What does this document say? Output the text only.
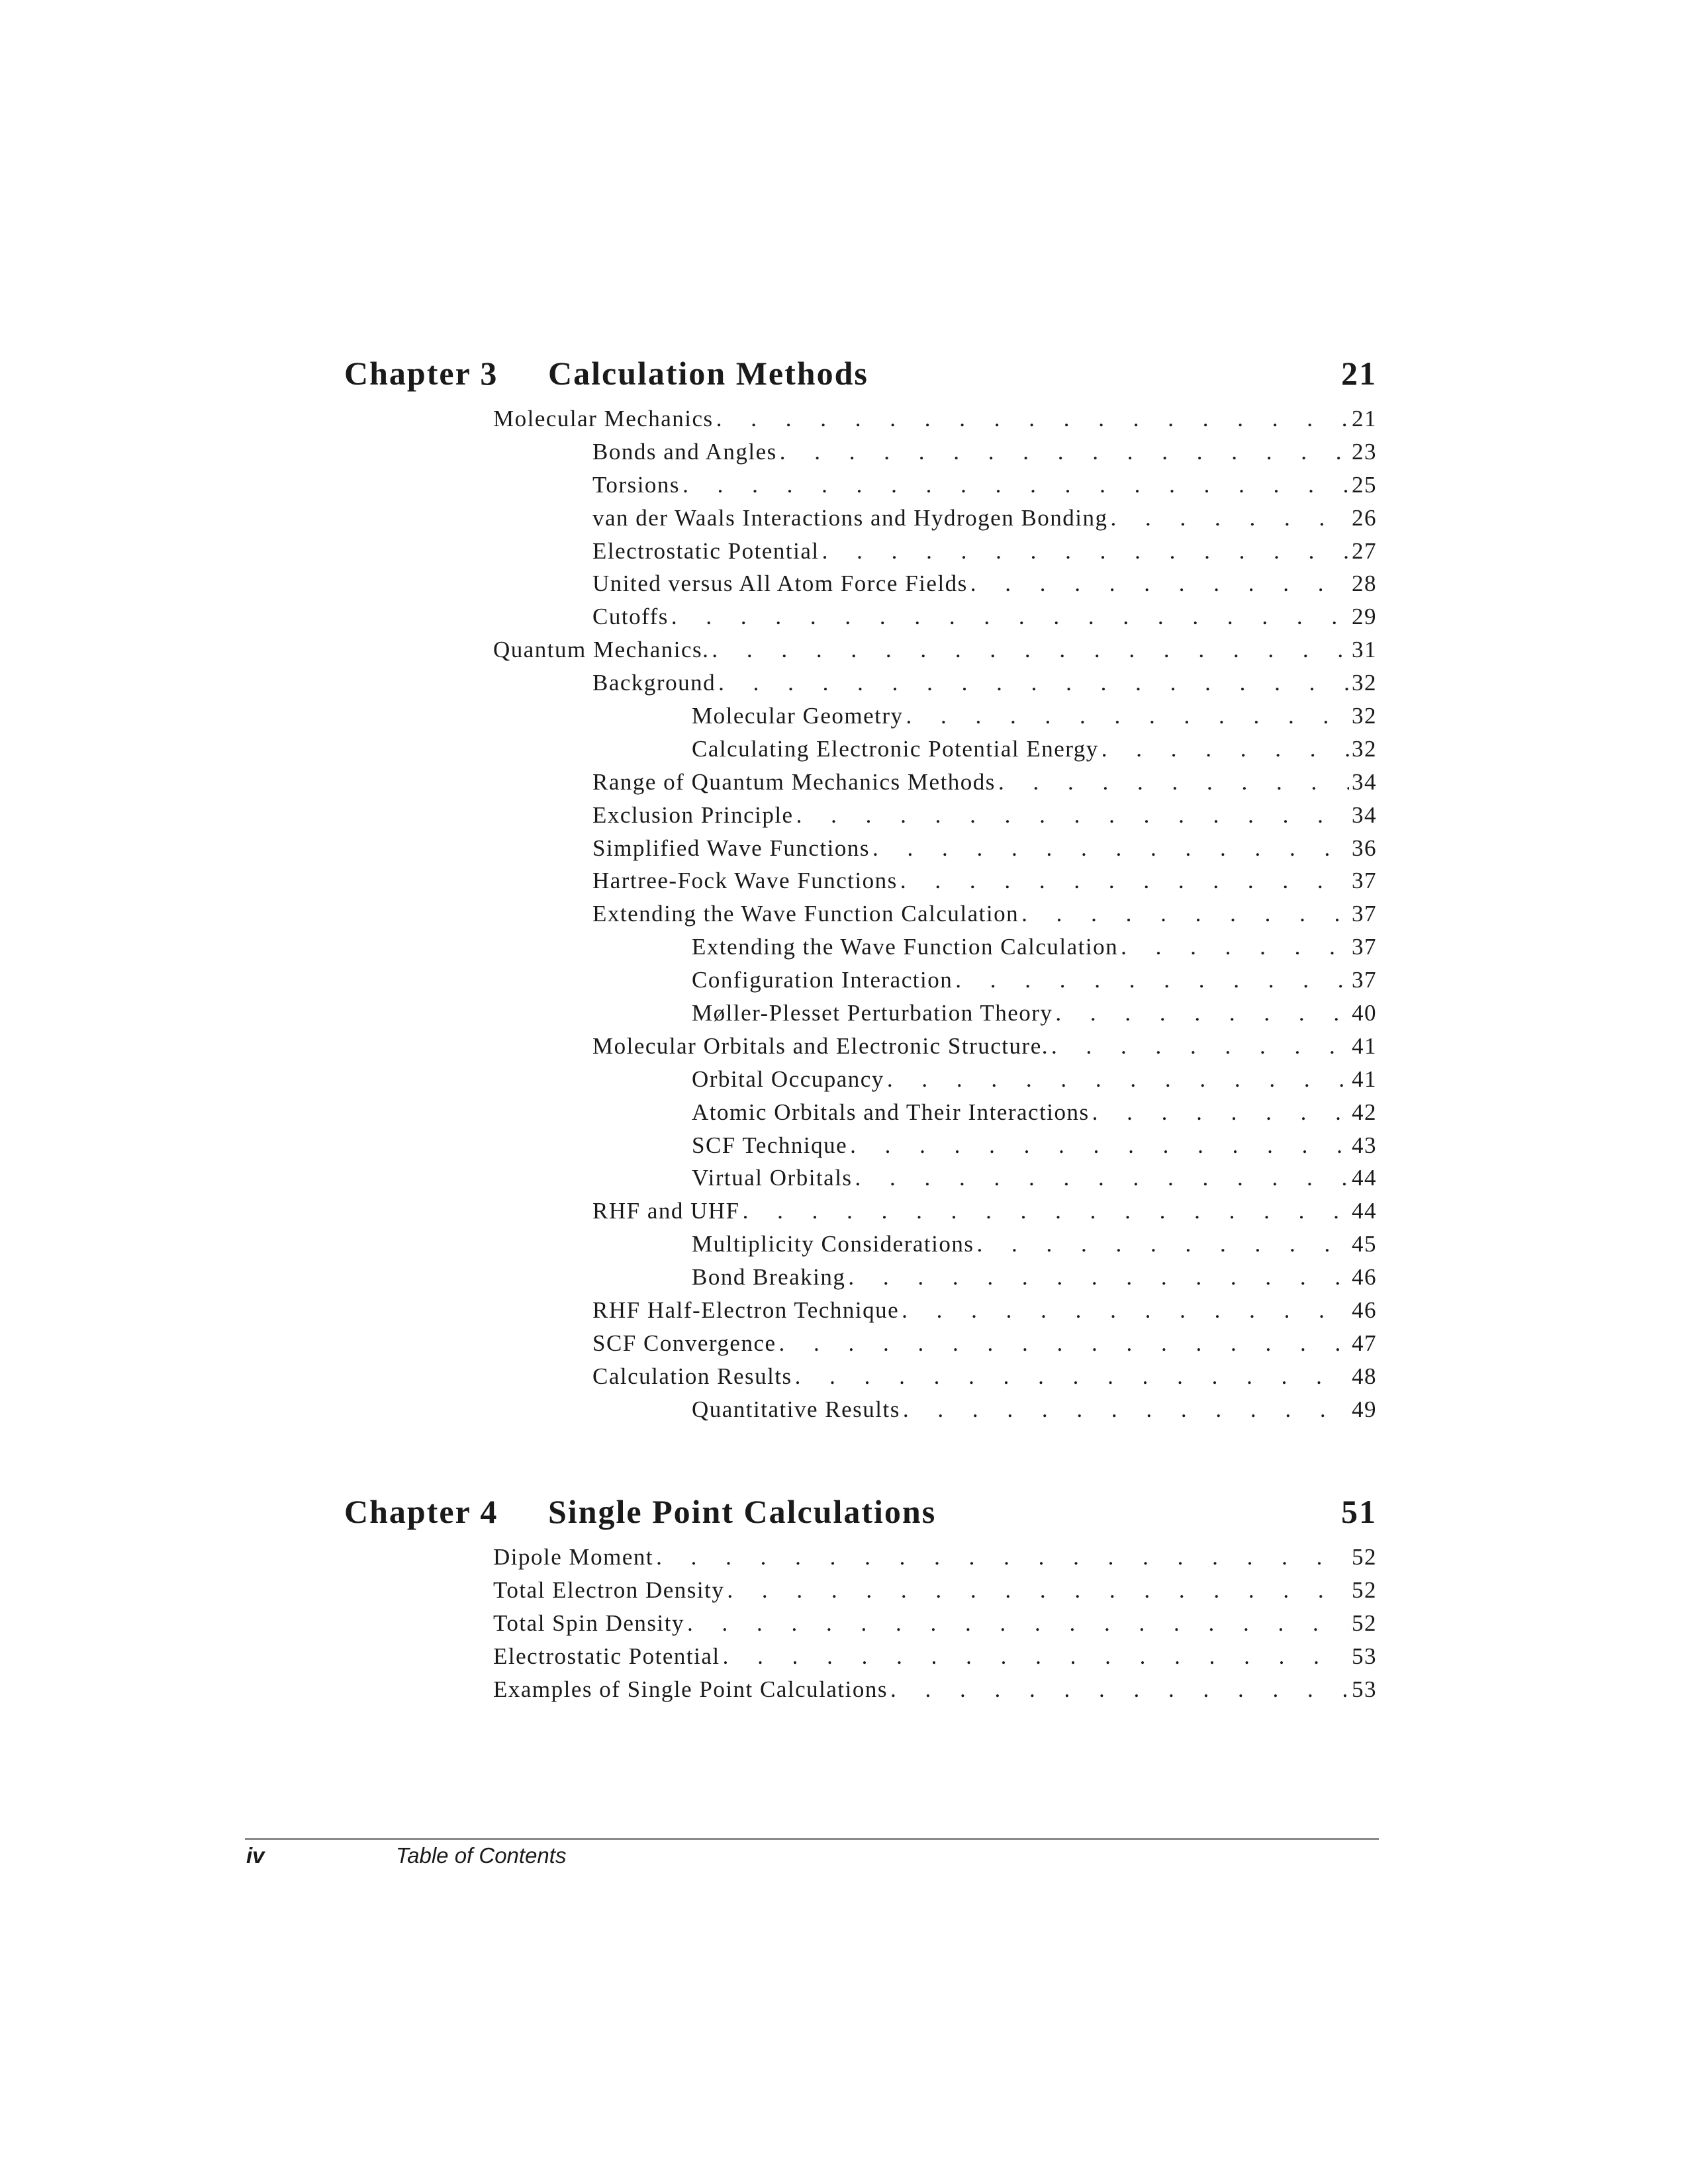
Chapter 3	Calculation Methods	21
Molecular Mechanics .	21
Bonds and Angles .	23
Torsions .	25
van der Waals Interactions and Hydrogen Bonding .	26
Electrostatic Potential .	27
United versus All Atom Force Fields .	28
Cutoffs .	29
Quantum Mechanics. .	31
Background .	32
Molecular Geometry .	32
Calculating Electronic Potential Energy .	32
Range of Quantum Mechanics Methods .	34
Exclusion Principle .	34
Simplified Wave Functions .	36
Hartree-Fock Wave Functions .	37
Extending the Wave Function Calculation .	37
Extending the Wave Function Calculation .	37
Configuration Interaction .	37
Møller-Plesset Perturbation Theory .	40
Molecular Orbitals and Electronic Structure. .	41
Orbital Occupancy .	41
Atomic Orbitals and Their Interactions .	42
SCF Technique .	43
Virtual Orbitals .	44
RHF and UHF .	44
Multiplicity Considerations .	45
Bond Breaking .	46
RHF Half-Electron Technique .	46
SCF Convergence .	47
Calculation Results .	48
Quantitative Results .	49
Chapter 4	Single Point Calculations	51
Dipole Moment .	52
Total Electron Density .	52
Total Spin Density .	52
Electrostatic Potential .	53
Examples of Single Point Calculations .	53
iv	Table of Contents
